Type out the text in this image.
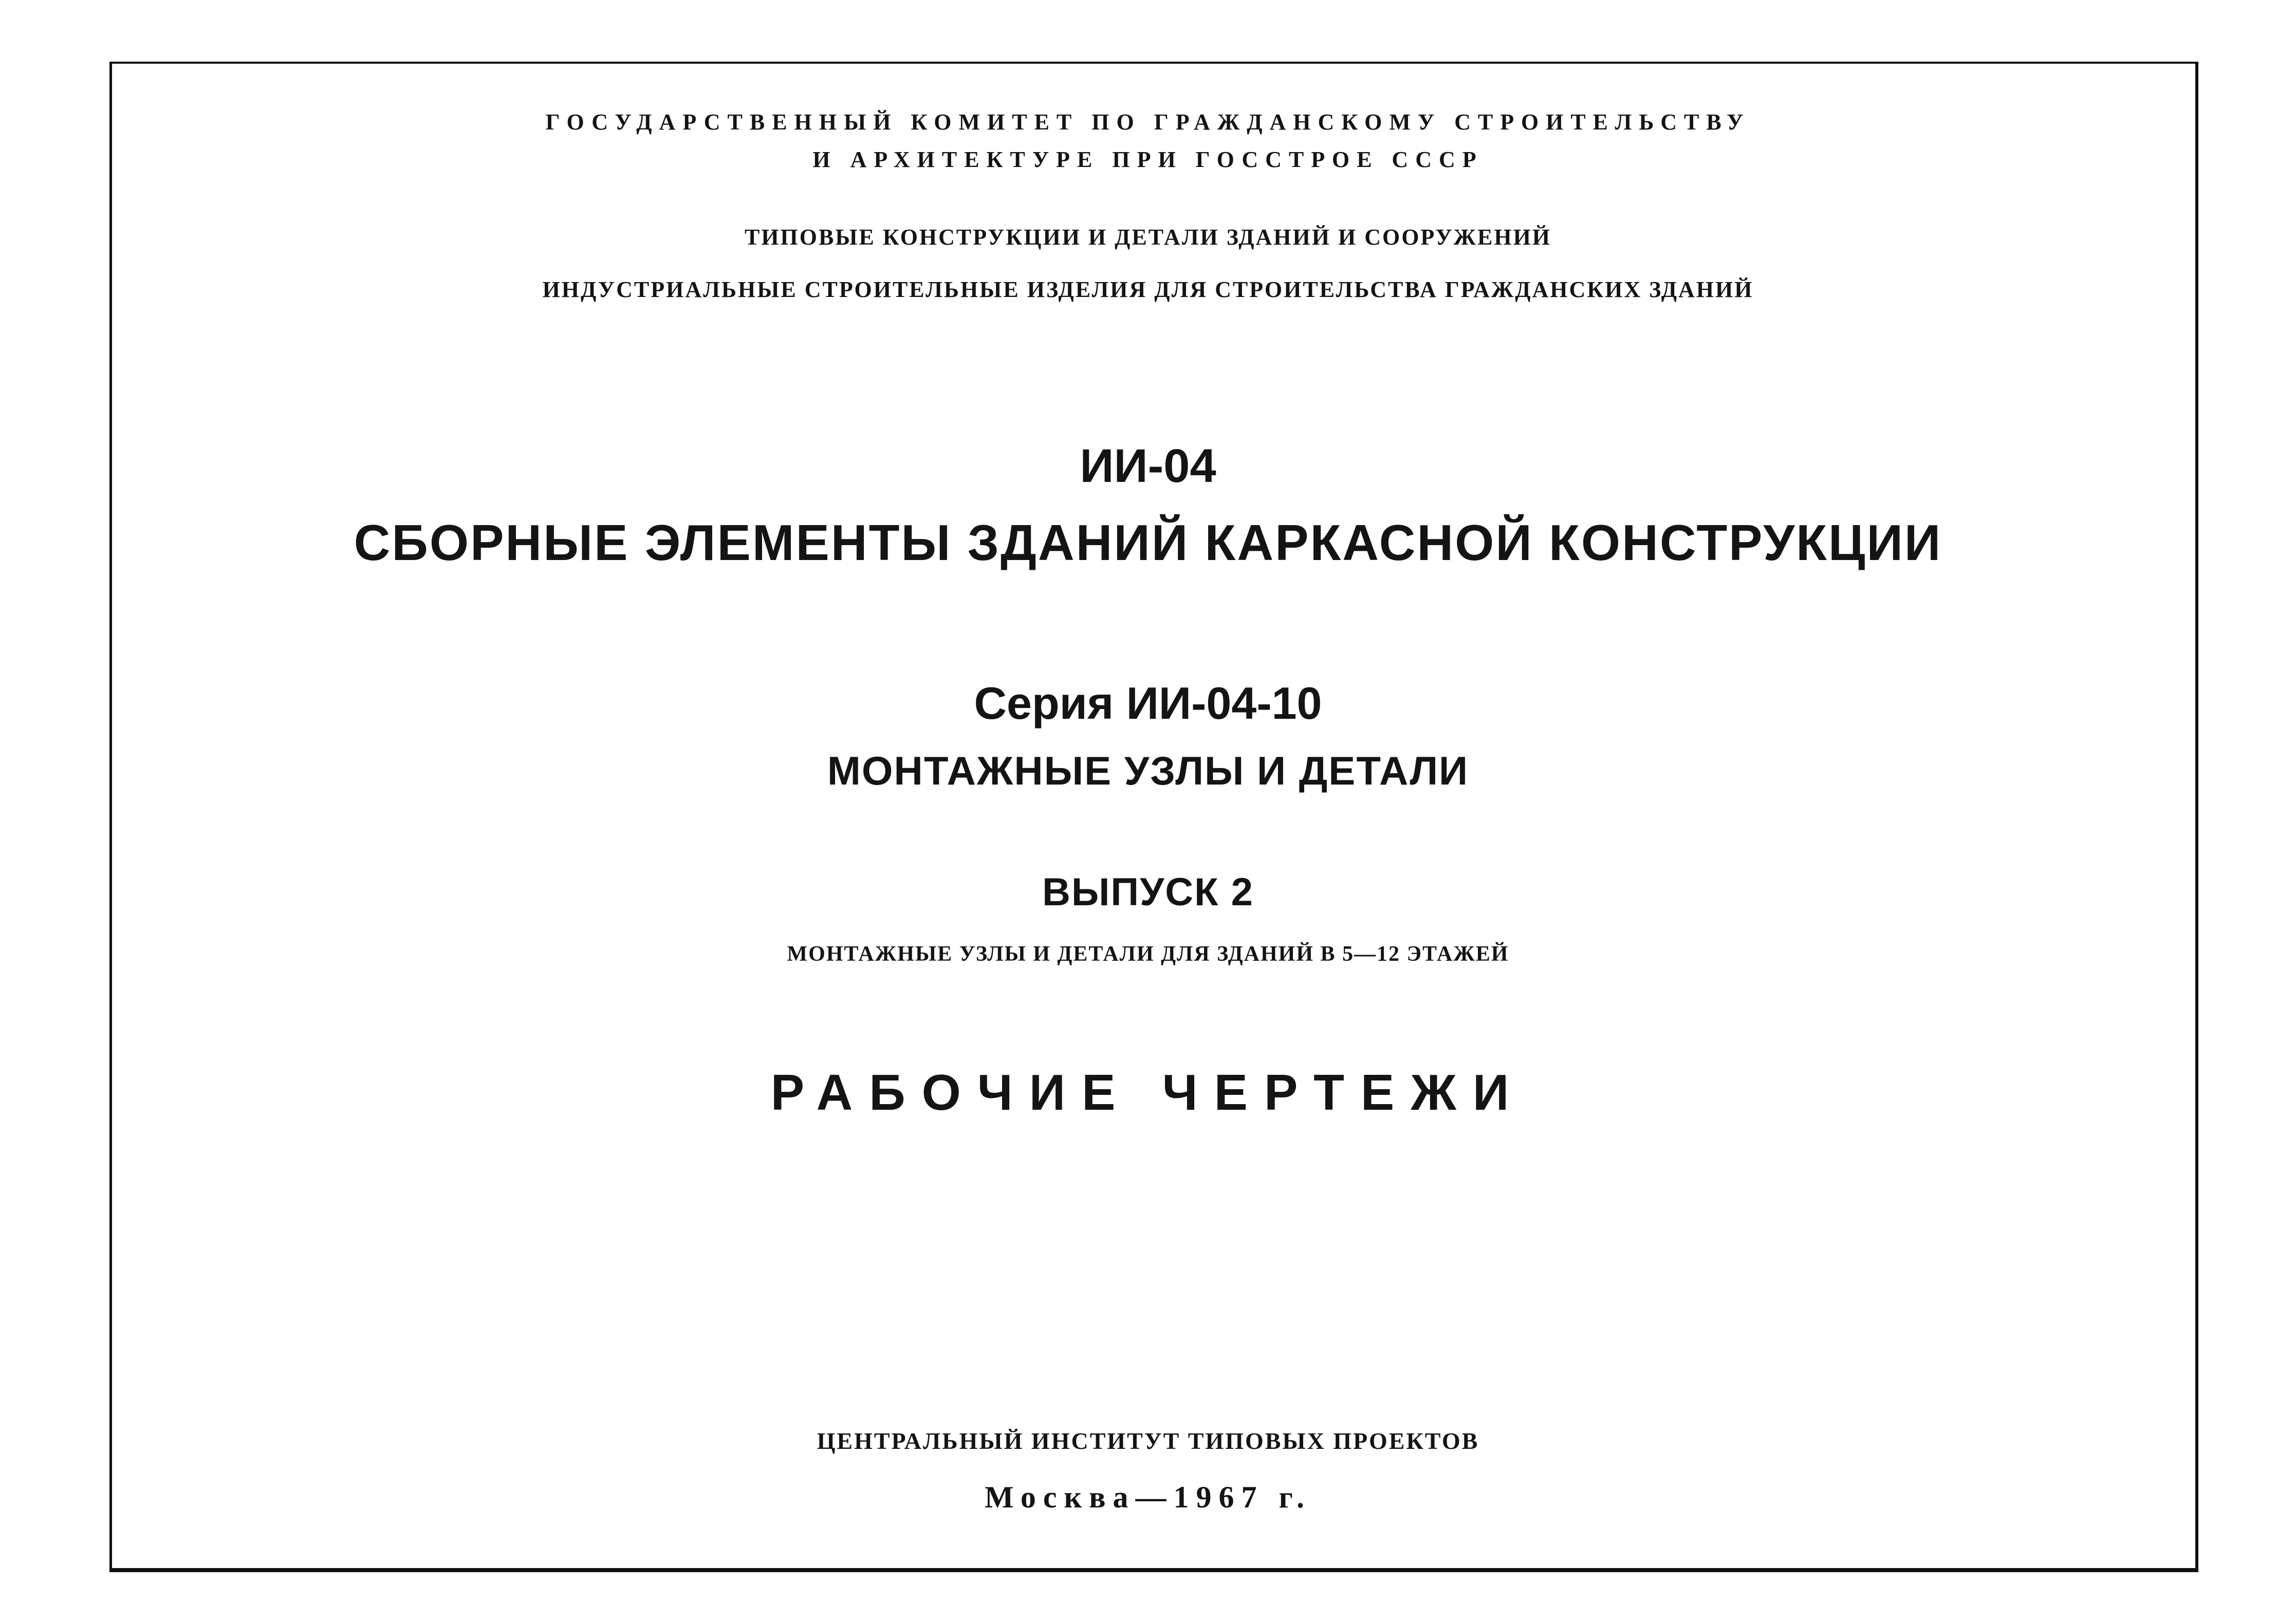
ГОСУДАРСТВЕННЫЙ КОМИТЕТ ПО ГРАЖДАНСКОМУ СТРОИТЕЛЬСТВУ
И АРХИТЕКТУРЕ ПРИ ГОССТРОЕ СССР
ТИПОВЫЕ КОНСТРУКЦИИ И ДЕТАЛИ ЗДАНИЙ И СООРУЖЕНИЙ
ИНДУСТРИАЛЬНЫЕ СТРОИТЕЛЬНЫЕ ИЗДЕЛИЯ ДЛЯ СТРОИТЕЛЬСТВА ГРАЖДАНСКИХ ЗДАНИЙ
ИИ-04
СБОРНЫЕ ЭЛЕМЕНТЫ ЗДАНИЙ КАРКАСНОЙ КОНСТРУКЦИИ
Серия ИИ-04-10
МОНТАЖНЫЕ УЗЛЫ И ДЕТАЛИ
ВЫПУСК 2
МОНТАЖНЫЕ УЗЛЫ И ДЕТАЛИ ДЛЯ ЗДАНИЙ В 5—12 ЭТАЖЕЙ
РАБОЧИЕ ЧЕРТЕЖИ
ЦЕНТРАЛЬНЫЙ ИНСТИТУТ ТИПОВЫХ ПРОЕКТОВ
Москва—1967 г.
